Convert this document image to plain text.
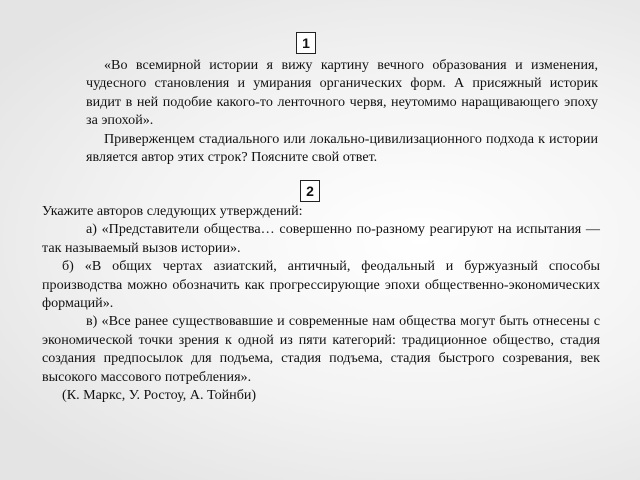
1

«Во всемирной истории я вижу картину вечного образования и изменения, чудесного становления и умирания органических форм. А присяжный историк видит в ней подобие какого-то ленточного червя, неутомимо наращивающего эпоху за эпохой».

Приверженцем стадиального или локально-цивилизационного подхода к истории является автор этих строк? Поясните свой ответ.

2

Укажите авторов следующих утверждений:

а) «Представители общества… совершенно по-разному реагируют на испытания — так называемый вызов истории».

б) «В общих чертах азиатский, античный, феодальный и буржуазный способы производства можно обозначить как прогрессирующие эпохи общественно-экономических формаций».

в) «Все ранее существовавшие и современные нам общества могут быть отнесены с экономической точки зрения к одной из пяти категорий: традиционное общество, стадия создания предпосылок для подъема, стадия подъема, стадия быстрого созревания, век высокого массового потребления».

(К. Маркс, У. Ростоу, А. Тойнби)
